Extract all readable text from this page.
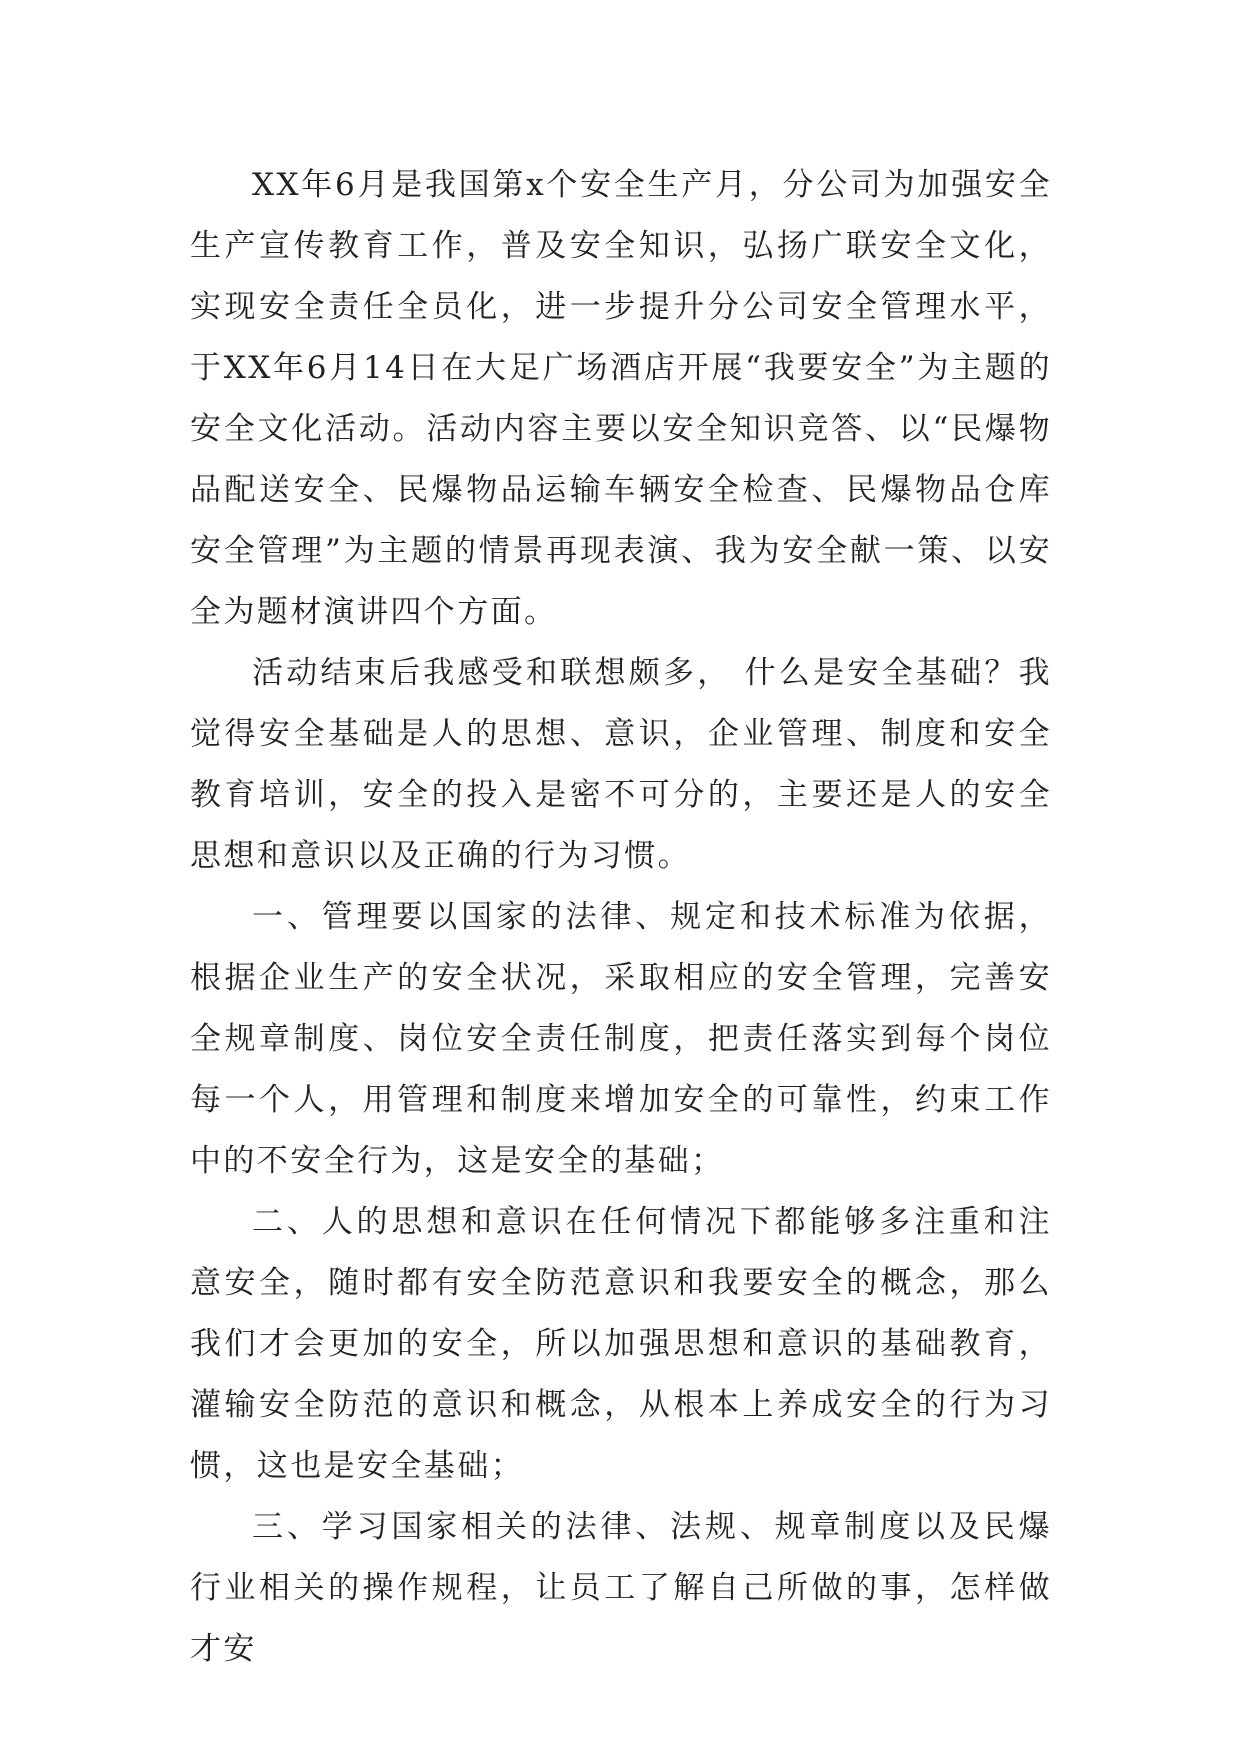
XX年6月是我国第x个安全生产月，分公司为加强安全生产宣传教育工作，普及安全知识，弘扬广联安全文化，实现安全责任全员化，进一步提升分公司安全管理水平，于XX年6月14日在大足广场酒店开展“我要安全”为主题的安全文化活动。活动内容主要以安全知识竞答、以“民爆物品配送安全、民爆物品运输车辆安全检查、民爆物品仓库安全管理”为主题的情景再现表演、我为安全献一策、以安全为题材演讲四个方面。

活动结束后我感受和联想颇多， 什么是安全基础？我觉得安全基础是人的思想、意识，企业管理、制度和安全教育培训，安全的投入是密不可分的，主要还是人的安全思想和意识以及正确的行为习惯。

一、管理要以国家的法律、规定和技术标准为依据，根据企业生产的安全状况，采取相应的安全管理，完善安全规章制度、岗位安全责任制度，把责任落实到每个岗位每一个人，用管理和制度来增加安全的可靠性，约束工作中的不安全行为，这是安全的基础；

二、人的思想和意识在任何情况下都能够多注重和注意安全，随时都有安全防范意识和我要安全的概念，那么我们才会更加的安全，所以加强思想和意识的基础教育，灌输安全防范的意识和概念，从根本上养成安全的行为习惯，这也是安全基础；

三、学习国家相关的法律、法规、规章制度以及民爆行业相关的操作规程，让员工了解自己所做的事，怎样做才安
